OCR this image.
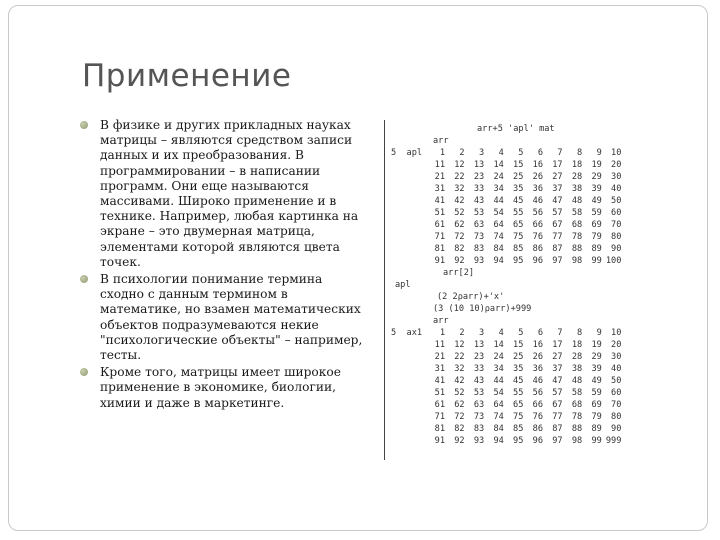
Применение
В физике и других прикладных науках матрицы – являются средством записи данных и их преобразования. В программировании – в написании программ. Они еще называются массивами. Широко применение и в технике. Например, любая картинка на экране – это двумерная матрица, элементами которой являются цвета точек.
В психологии понимание термина сходно с данным термином в математике, но взамен математических объектов подразумеваются некие "психологические объекты" – например, тесты.
Кроме того, матрицы имеет широкое применение в экономике, биологии, химии и даже в маркетинге.
arr+5 'apl' mat
arr
5  apl
arr[2]
apl
(2 2⍴arr)+'x'
(3 (10 10)⍴arr)+999
arr
5  ax1
1	2	3	4	5	6	7	8	9	10
11	12	13	14	15	16	17	18	19	20
21	22	23	24	25	26	27	28	29	30
31	32	33	34	35	36	37	38	39	40
41	42	43	44	45	46	47	48	49	50
51	52	53	54	55	56	57	58	59	60
61	62	63	64	65	66	67	68	69	70
71	72	73	74	75	76	77	78	79	80
81	82	83	84	85	86	87	88	89	90
91	92	93	94	95	96	97	98	99 100
1	2	3	4	5	6	7	8	9	10
11	12	13	14	15	16	17	18	19	20
21	22	23	24	25	26	27	28	29	30
31	32	33	34	35	36	37	38	39	40
41	42	43	44	45	46	47	48	49	50
51	52	53	54	55	56	57	58	59	60
61	62	63	64	65	66	67	68	69	70
71	72	73	74	75	76	77	78	79	80
81	82	83	84	85	86	87	88	89	90
91	92	93	94	95	96	97	98	99 999
